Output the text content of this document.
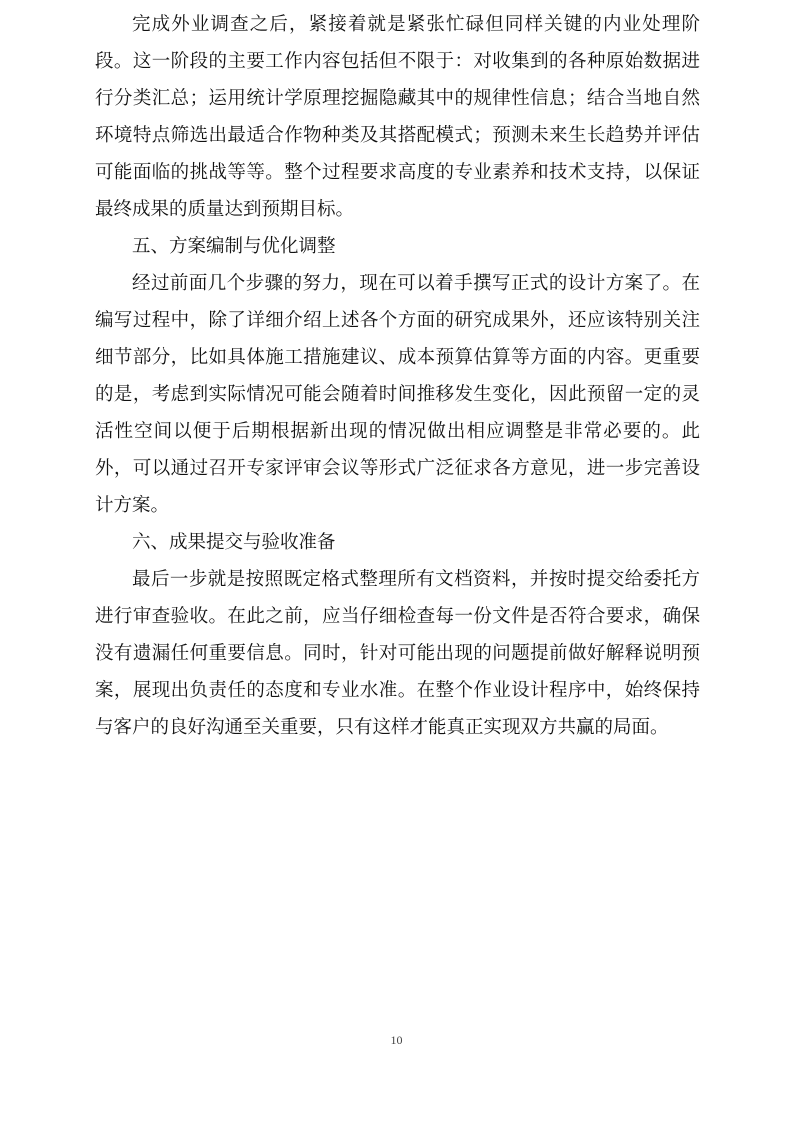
完成外业调查之后，紧接着就是紧张忙碌但同样关键的内业处理阶
段。这一阶段的主要工作内容包括但不限于：对收集到的各种原始数据进
行分类汇总；运用统计学原理挖掘隐藏其中的规律性信息；结合当地自然
环境特点筛选出最适合作物种类及其搭配模式；预测未来生长趋势并评估
可能面临的挑战等等。整个过程要求高度的专业素养和技术支持，以保证
最终成果的质量达到预期目标。
五、方案编制与优化调整
经过前面几个步骤的努力，现在可以着手撰写正式的设计方案了。在
编写过程中，除了详细介绍上述各个方面的研究成果外，还应该特别关注
细节部分，比如具体施工措施建议、成本预算估算等方面的内容。更重要
的是，考虑到实际情况可能会随着时间推移发生变化，因此预留一定的灵
活性空间以便于后期根据新出现的情况做出相应调整是非常必要的。此
外，可以通过召开专家评审会议等形式广泛征求各方意见，进一步完善设
计方案。
六、成果提交与验收准备
最后一步就是按照既定格式整理所有文档资料，并按时提交给委托方
进行审查验收。在此之前，应当仔细检查每一份文件是否符合要求，确保
没有遗漏任何重要信息。同时，针对可能出现的问题提前做好解释说明预
案，展现出负责任的态度和专业水准。在整个作业设计程序中，始终保持
与客户的良好沟通至关重要，只有这样才能真正实现双方共赢的局面。
10
